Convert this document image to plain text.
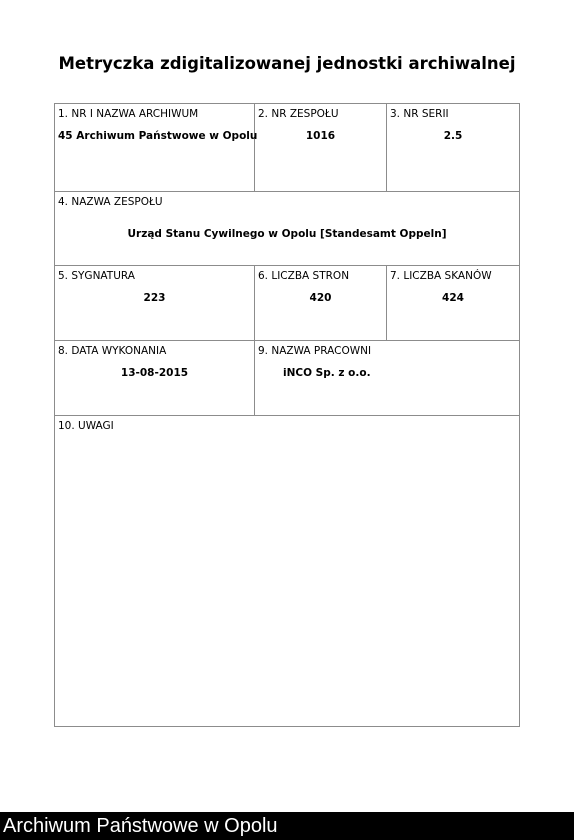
Metryczka zdigitalizowanej jednostki archiwalnej
1. NR I NAZWA ARCHIWUM
45 Archiwum Państwowe w Opolu
2. NR ZESPOŁU
1016
3. NR SERII
2.5
4. NAZWA ZESPOŁU
Urząd Stanu Cywilnego w Opolu [Standesamt Oppeln]
5. SYGNATURA
223
6. LICZBA STRON
420
7. LICZBA SKANÓW
424
8. DATA WYKONANIA
13-08-2015
9. NAZWA PRACOWNI
iNCO Sp. z o.o.
10. UWAGI
Archiwum Państwowe w Opolu
